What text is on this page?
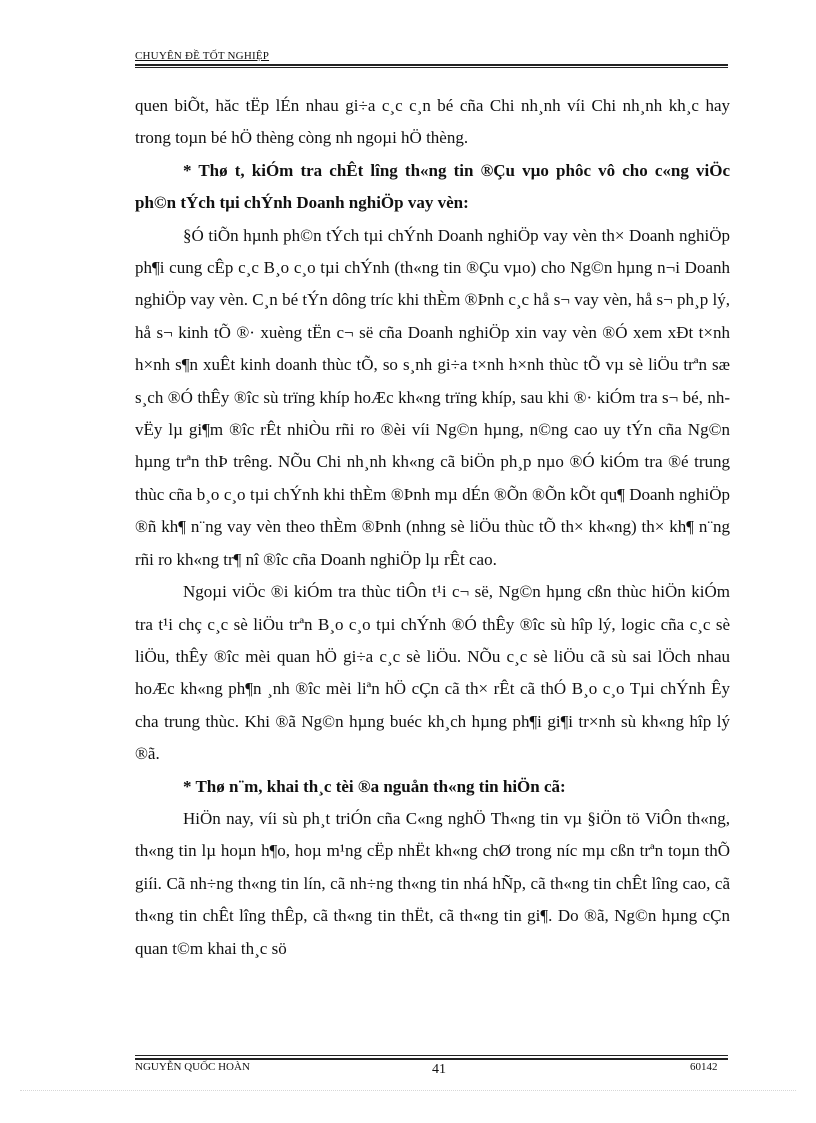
CHUYÊN ĐỀ TỐT NGHIỆP

quen biÕt, hăc tËp lÉn nhau gi÷a c¸c c¸n bé cña Chi nh¸nh víi Chi nh¸nh kh¸c hay trong toµn bé hÖ thèng còng nh ngoµi hÖ thèng.

* Thø t, kiÓm tra chÊt lîng th«ng tin ®Çu vµo phôc vô cho c«ng viÖc ph©n tÝch tµi chÝnh Doanh nghiÖp vay vèn:

§Ó tiÕn hµnh ph©n tÝch tµi chÝnh Doanh nghiÖp vay vèn th× Doanh nghiÖp ph¶i cung cÊp c¸c B¸o c¸o tµi chÝnh (th«ng tin ®Çu vµo) cho Ng©n hµng n¬i Doanh nghiÖp vay vèn. C¸n bé tÝn dông tríc khi thÈm ®Þnh c¸c hå s¬ vay vèn, hå s¬ ph¸p lý, hå s¬ kinh tÕ ®· xuèng tËn c¬ së cña Doanh nghiÖp xin vay vèn ®Ó xem xÐt t×nh h×nh s¶n xuÊt kinh doanh thùc tÕ, so s¸nh gi÷a t×nh h×nh thùc tÕ vµ sè liÖu trªn sæ s¸ch ®Ó thÊy ®îc sù trïng khíp hoÆc kh«ng trïng khíp, sau khi ®· kiÓm tra s¬ bé, nh vËy lµ gi¶m ®îc rÊt nhiÒu rñi ro ®èi víi Ng©n hµng, n©ng cao uy tÝn cña Ng©n hµng trªn thÞ trêng. NÕu Chi nh¸nh kh«ng cã biÖn ph¸p nµo ®Ó kiÓm tra ®é trung thùc cña b¸o c¸o tµi chÝnh khi thÈm ®Þnh mµ dÉn ®Õn ®Õn kÕt qu¶ Doanh nghiÖp ®ñ kh¶ n¨ng vay vèn theo thÈm ®Þnh (nhng sè liÖu thùc tÕ th× kh«ng) th× kh¶ n¨ng rñi ro kh«ng tr¶ nî ®îc cña Doanh nghiÖp lµ rÊt cao.

Ngoµi viÖc ®i kiÓm tra thùc tiÔn t¹i c¬ së, Ng©n hµng cßn thùc hiÖn kiÓm tra t¹i chç c¸c sè liÖu trªn B¸o c¸o tµi chÝnh ®Ó thÊy ®îc sù hîp lý, logic cña c¸c sè liÖu, thÊy ®îc mèi quan hÖ gi÷a c¸c sè liÖu. NÕu c¸c sè liÖu cã sù sai lÖch nhau hoÆc kh«ng ph¶n ¸nh ®îc mèi liªn hÖ cÇn cã th× rÊt cã thÓ B¸o c¸o Tµi chÝnh Êy cha trung thùc. Khi ®ã Ng©n hµng buéc kh¸ch hµng ph¶i gi¶i tr×nh sù kh«ng hîp lý ®ã.

* Thø n¨m, khai th¸c tèi ®a nguån th«ng tin hiÖn cã:

HiÖn nay, víi sù ph¸t triÓn cña C«ng nghÖ Th«ng tin vµ §iÖn tö ViÔn th«ng, th«ng tin lµ hoµn h¶o, hoµ m¹ng cËp nhËt kh«ng chØ trong níc mµ cßn trªn toµn thÕ giíi. Cã nh÷ng th«ng tin lín, cã nh÷ng th«ng tin nhá hÑp, cã th«ng tin chÊt lîng cao, cã th«ng tin chÊt lîng thÊp, cã th«ng tin thËt, cã th«ng tin gi¶. Do ®ã, Ng©n hµng cÇn quan t©m khai th¸c sö

NGUYỄN QUỐC HOÀN	41	60142
